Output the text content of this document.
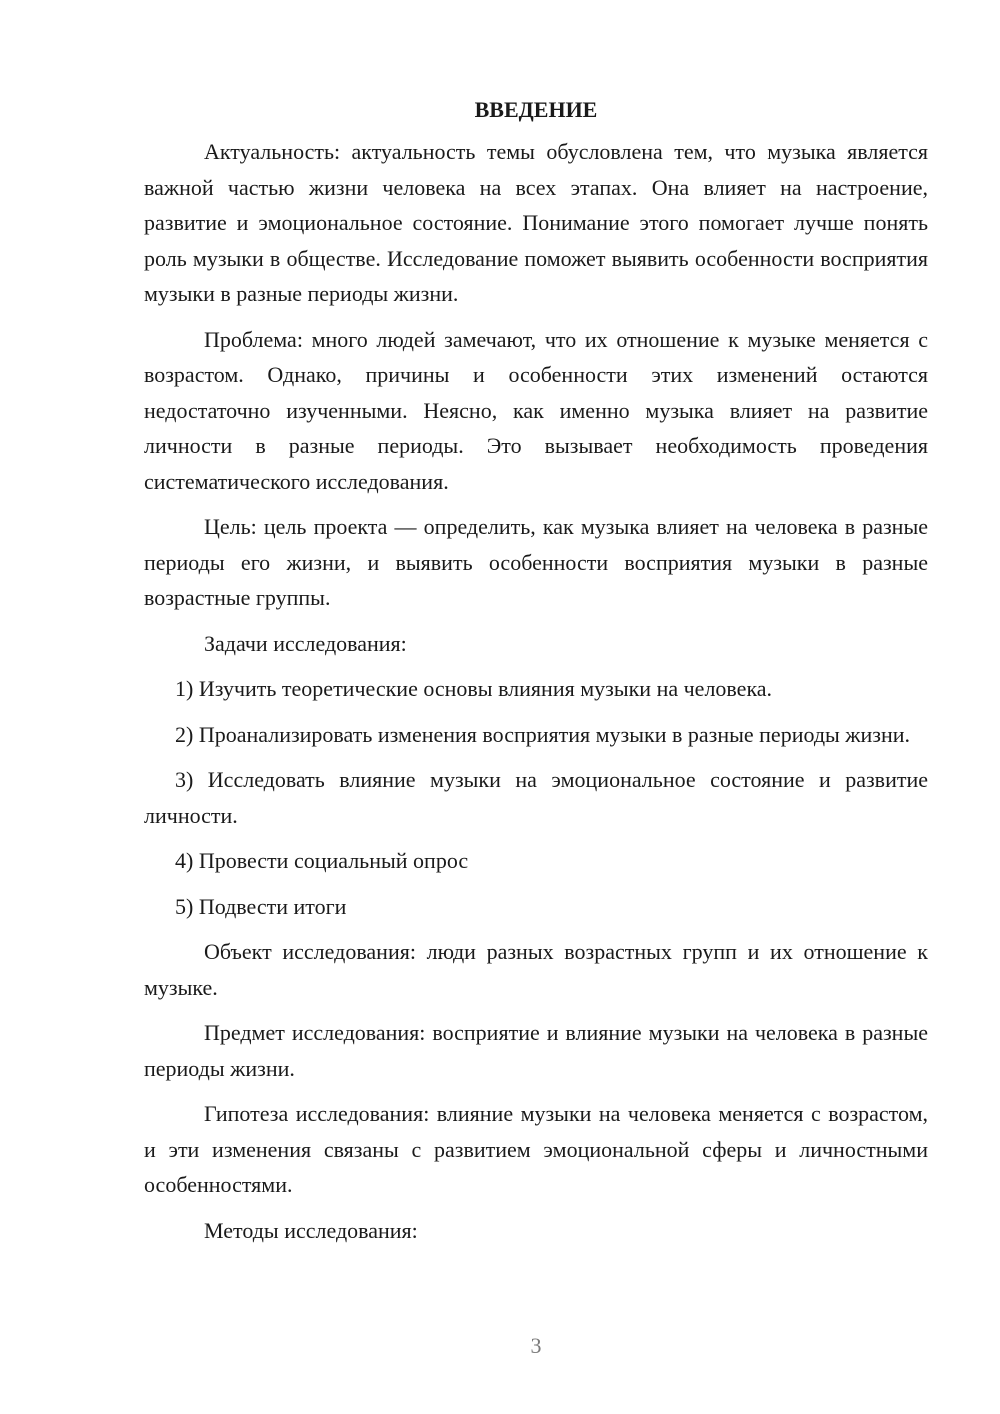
ВВЕДЕНИЕ

Актуальность: актуальность темы обусловлена тем, что музыка является важной частью жизни человека на всех этапах. Она влияет на настроение, развитие и эмоциональное состояние. Понимание этого помогает лучше понять роль музыки в обществе. Исследование поможет выявить особенности восприятия музыки в разные периоды жизни.

Проблема: много людей замечают, что их отношение к музыке меняется с возрастом. Однако, причины и особенности этих изменений остаются недостаточно изученными. Неясно, как именно музыка влияет на развитие личности в разные периоды. Это вызывает необходимость проведения систематического исследования.

Цель: цель проекта — определить, как музыка влияет на человека в разные периоды его жизни, и выявить особенности восприятия музыки в разные возрастные группы.

Задачи исследования:

1) Изучить теоретические основы влияния музыки на человека.

2) Проанализировать изменения восприятия музыки в разные периоды жизни.

3) Исследовать влияние музыки на эмоциональное состояние и развитие личности.

4) Провести социальный опрос

5) Подвести итоги

Объект исследования: люди разных возрастных групп и их отношение к музыке.

Предмет исследования: восприятие и влияние музыки на человека в разные периоды жизни.

Гипотеза исследования: влияние музыки на человека меняется с возрастом, и эти изменения связаны с развитием эмоциональной сферы и личностными особенностями.

Методы исследования:

3
